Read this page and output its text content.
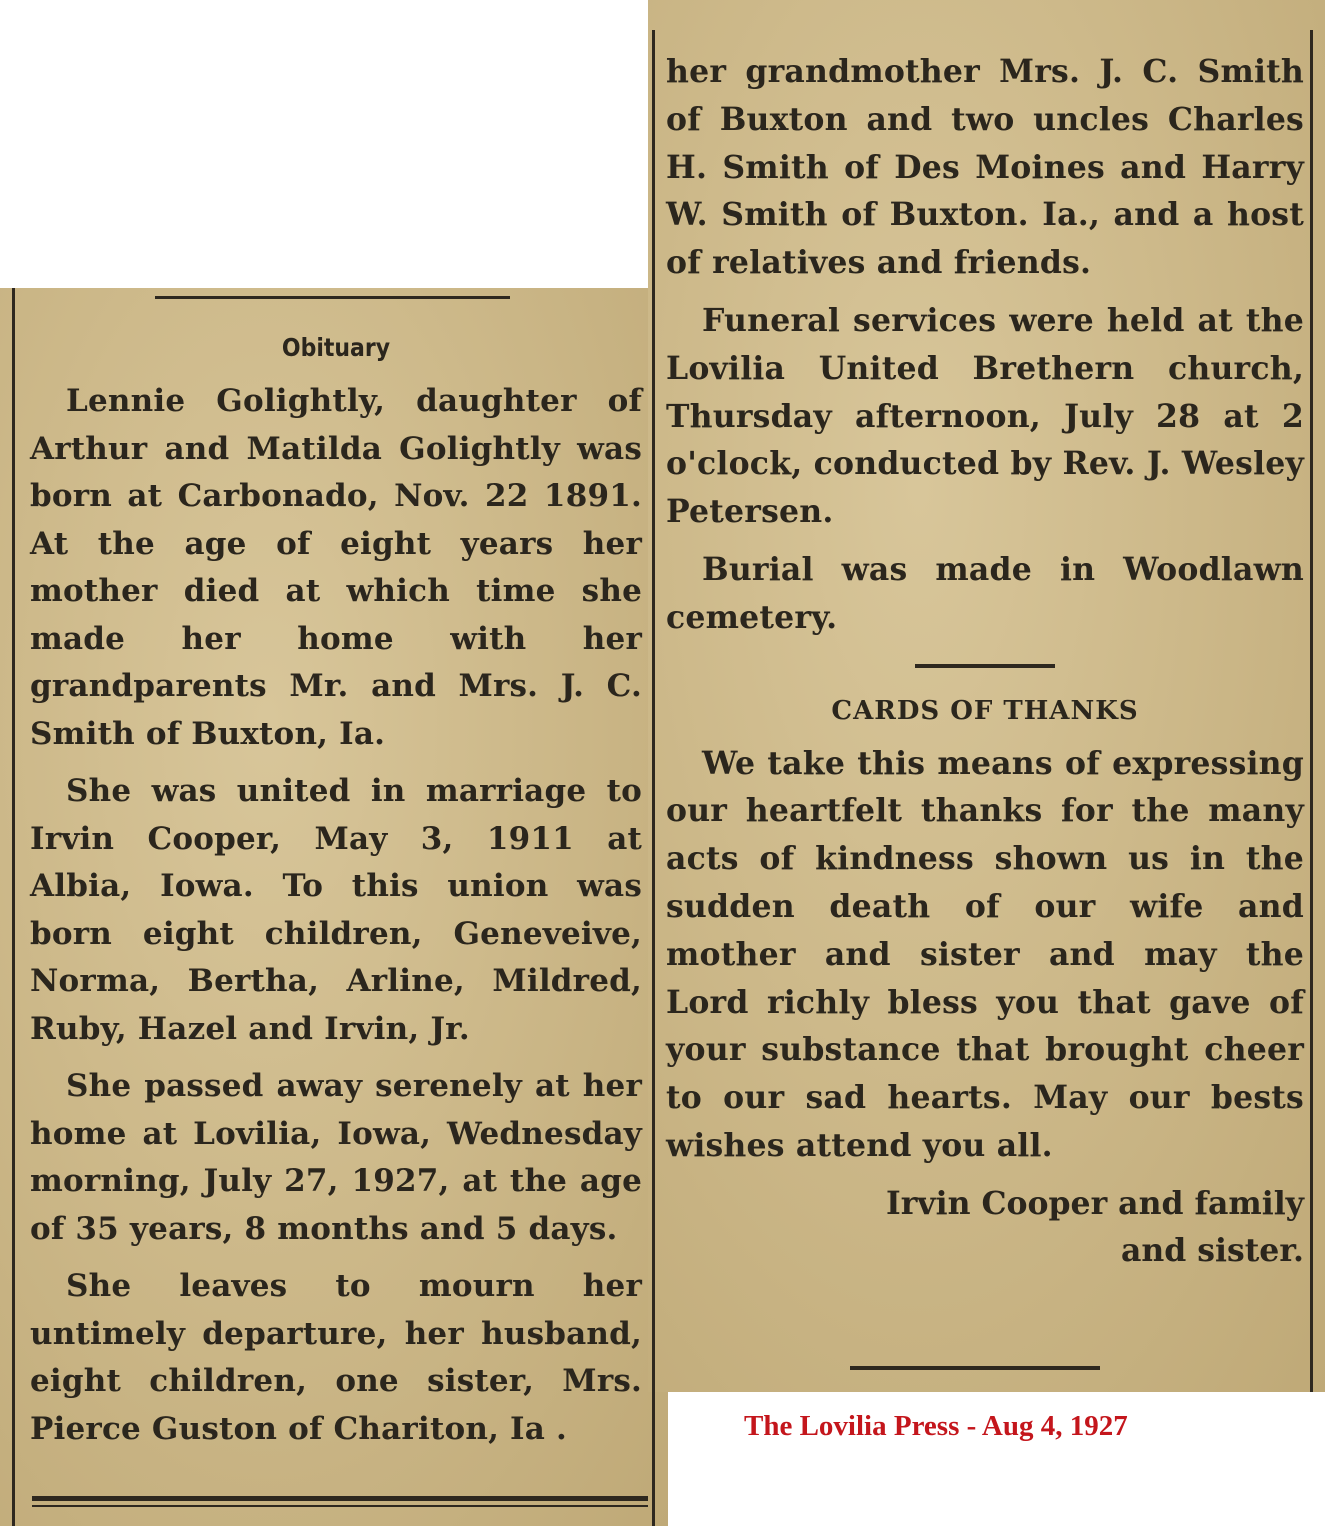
Obituary

Lennie Golightly, daughter of Arthur and Matilda Golightly was born at Carbonado, Nov. 22 1891. At the age of eight years her mother died at which time she made her home with her grandparents Mr. and Mrs. J. C. Smith of Buxton, Ia.

She was united in marriage to Irvin Cooper, May 3, 1911 at Albia, Iowa. To this union was born eight children, Geneveive, Norma, Bertha, Arline, Mildred, Ruby, Hazel and Irvin, Jr.

She passed away serenely at her home at Lovilia, Iowa, Wednesday morning, July 27, 1927, at the age of 35 years, 8 months and 5 days.

She leaves to mourn her untimely departure, her husband, eight children, one sister, Mrs. Pierce Guston of Chariton, Ia .

her grandmother Mrs. J. C. Smith of Buxton and two uncles Charles H. Smith of Des Moines and Harry W. Smith of Buxton. Ia., and a host of relatives and friends.

Funeral services were held at the Lovilia United Brethern church, Thursday afternoon, July 28 at 2 o'clock, conducted by Rev. J. Wesley Petersen.

Burial was made in Woodlawn cemetery.

CARDS OF THANKS

We take this means of expressing our heartfelt thanks for the many acts of kindness shown us in the sudden death of our wife and mother and sister and may the Lord richly bless you that gave of your substance that brought cheer to our sad hearts. May our bests wishes attend you all.

Irvin Cooper and family

and sister.

The Lovilia Press - Aug 4, 1927
